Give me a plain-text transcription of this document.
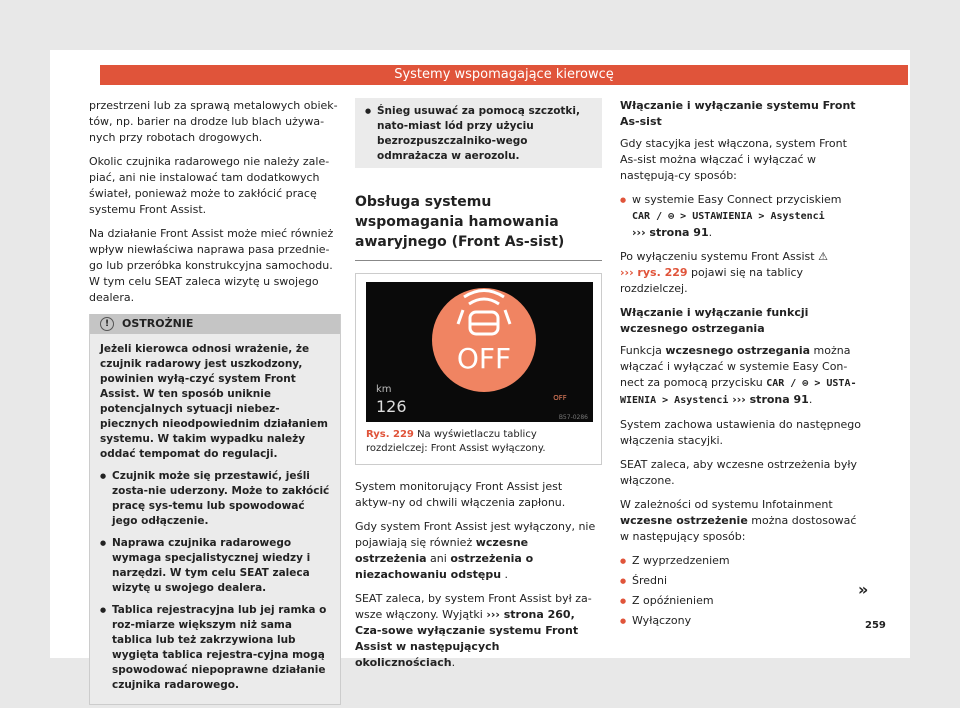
Systemy wspomagające kierowcę

przestrzeni lub za sprawą metalowych obiek-tów, np. barier na drodze lub blach używa-nych przy robotach drogowych.

Okolic czujnika radarowego nie należy zale-piać, ani nie instalować tam dodatkowych świateł, ponieważ może to zakłócić pracę systemu Front Assist.

Na działanie Front Assist może mieć również wpływ niewłaściwa naprawa pasa przednie-go lub przeróbka konstrukcyjna samochodu. W tym celu SEAT zaleca wizytę u swojego dealera.

!	OSTROŻNIE

Jeżeli kierowca odnosi wrażenie, że czujnik radarowy jest uszkodzony, powinien wyłą-czyć system Front Assist. W ten sposób uniknie potencjalnych sytuacji niebez-piecznych nieodpowiednim działaniem systemu. W takim wypadku należy oddać tempomat do regulacji.

● Czujnik może się przestawić, jeśli zosta-nie uderzony. Może to zakłócić pracę sys-temu lub spowodować jego odłączenie.

● Naprawa czujnika radarowego wymaga specjalistycznej wiedzy i narzędzi. W tym celu SEAT zaleca wizytę u swojego dealera.

● Tablica rejestracyjna lub jej ramka o roz-miarze większym niż sama tablica lub też zakrzywiona lub wygięta tablica rejestra-cyjna mogą spowodować niepoprawne działanie czujnika radarowego.

● Śnieg usuwać za pomocą szczotki, nato-miast lód przy użyciu bezrozpuszczalniko-wego odmrażacza w aerozolu.
Obsługa systemu wspomagania hamowania awaryjnego (Front As-sist)
OFF
km
126	OFF
B57-0286
Rys. 229 Na wyświetlaczu tablicy rozdzielczej: Front Assist wyłączony.

System monitorujący Front Assist jest aktyw-ny od chwili włączenia zapłonu.

Gdy system Front Assist jest wyłączony, nie pojawiają się również wczesne ostrzeżenia ani ostrzeżenia o niezachowaniu odstępu .

SEAT zaleca, by system Front Assist był za-wsze włączony. Wyjątki ››› strona 260, Cza-sowe wyłączanie systemu Front Assist w następujących okolicznościach.

Włączanie i wyłączanie systemu Front As-sist

Gdy stacyjka jest włączona, system Front As-sist można włączać i wyłączać w następują-cy sposób:

● w systemie Easy Connect przyciskiem
CAR / ⊜ > USTAWIENIA > Asystenci
››› strona 91.

Po wyłączeniu systemu Front Assist ⚠
››› rys. 229 pojawi się na tablicy rozdzielczej.

Włączanie i wyłączanie funkcji wczesnego ostrzegania

Funkcja wczesnego ostrzegania można włączać i wyłączać w systemie Easy Con-nect za pomocą przycisku CAR / ⊜ > USTA-WIENIA > Asystenci ››› strona 91.

System zachowa ustawienia do następnego włączenia stacyjki.

SEAT zaleca, aby wczesne ostrzeżenia były włączone.

W zależności od systemu Infotainment wczesne ostrzeżenie można dostosować w następujący sposób:

● Z wyprzedzeniem
● Średni
● Z opóźnieniem
● Wyłączony
»
259
